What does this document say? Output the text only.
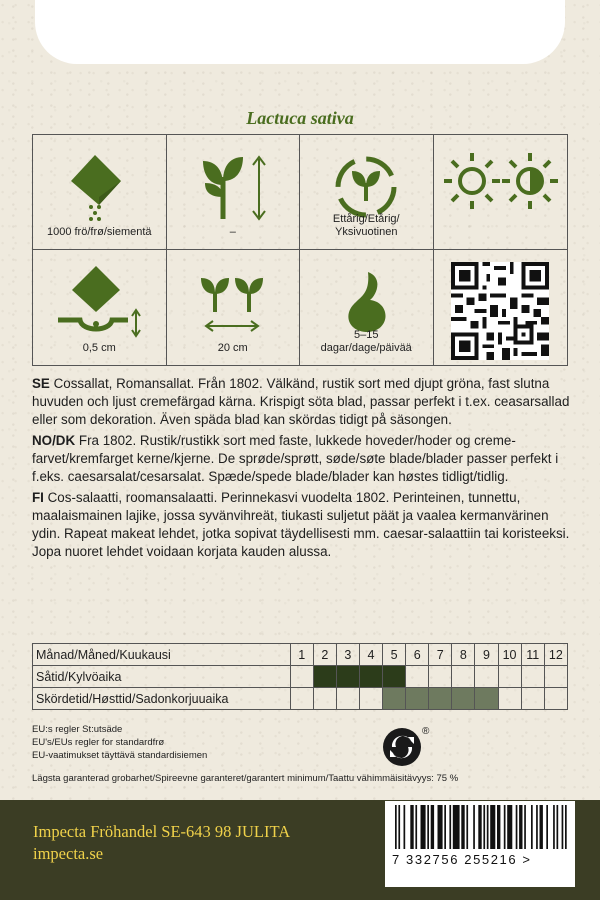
Lactuca sativa
1000 frö/frø/siementä	–
Ettårig/Etårig/
Yksivuotinen
0,5 cm	20 cm
5–15
dagar/dage/päivää

SE Cossallat, Romansallat. Från 1802. Välkänd, rustik sort med djupt gröna, fast slutna huvuden och ljust cremefärgad kärna. Krispigt söta blad, passar perfekt i t.ex. ceasarsallad eller som dekoration. Även späda blad kan skördas tidigt på säsongen.

NO/DK Fra 1802. Rustik/rustikk sort med faste, lukkede hoveder/hoder og creme-farvet/kremfarget kerne/kjerne. De sprøde/sprøtt, søde/søte blade/blader passer perfekt i f.eks. caesarsalat/cesarsalat. Spæde/spede blade/blader kan høstes tidligt/tidlig.

FI Cos-salaatti, roomansalaatti. Perinnekasvi vuodelta 1802. Perinteinen, tunnettu, maalaismainen lajike, jossa syvänvihreät, tiukasti suljetut päät ja vaalea kermanvärinen ydin. Rapeat makeat lehdet, jotka sopivat täydellisesti mm. caesar-salaattiin tai koristeeksi. Jopa nuoret lehdet voidaan korjata kauden alussa.

Månad/Måned/Kuukausi	1	2	3	4	5	6	7	8	9	10	11	12
Såtid/Kylvöaika												
Skördetid/Høsttid/Sadonkorjuuaika												
EU:s regler St:utsäde
EU's/EUs regler for standardfrø
EU-vaatimukset täyttävä standardisiemen
®
Lägsta garanterad grobarhet/Spireevne garanteret/garantert minimum/Taattu vähimmäisitävyys: 75 %
Impecta Fröhandel SE-643 98 JULITA
impecta.se	7 332756 255216 >
